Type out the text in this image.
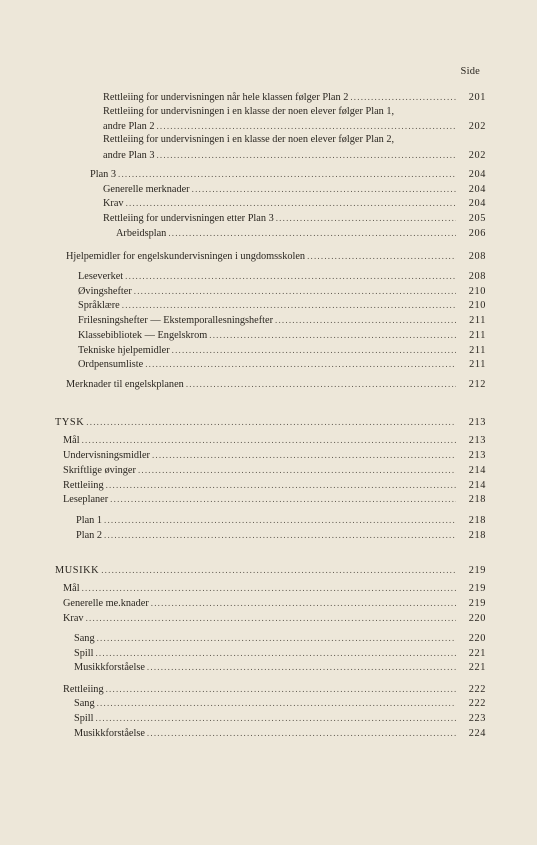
Side
Rettleiing for undervisningen når hele klassen følger Plan 2 .....	201
Rettleiing for undervisningen i en klasse der noen elever følger Plan 1,
andre Plan 2 .....	202
Rettleiing for undervisningen i en klasse der noen elever følger Plan 2,
andre Plan 3 .....	202
Plan 3 .....	204
Generelle merknader .....	204
Krav .....	204
Rettleiing for undervisningen etter Plan 3 .....	205
Arbeidsplan .....	206
Hjelpemidler for engelskundervisningen i ungdomsskolen .....	208
Leseverket .....	208
Øvingshefter .....	210
Språklære .....	210
Frilesningshefter — Ekstemporallesningshefter .....	211
Klassebibliotek — Engelskrom .....	211
Tekniske hjelpemidler .....	211
Ordpensumliste .....	211
Merknader til engelskplanen .....	212
TYSK .....	213
Mål .....	213
Undervisningsmidler .....	213
Skriftlige øvinger .....	214
Rettleiing .....	214
Leseplaner .....	218
Plan 1 .....	218
Plan 2 .....	218
MUSIKK .....	219
Mål .....	219
Generelle me.knader .....	219
Krav .....	220
Sang .....	220
Spill .....	221
Musikkforståelse .....	221
Rettleiing .....	222
Sang .....	222
Spill .....	223
Musikkforståelse .....	224
